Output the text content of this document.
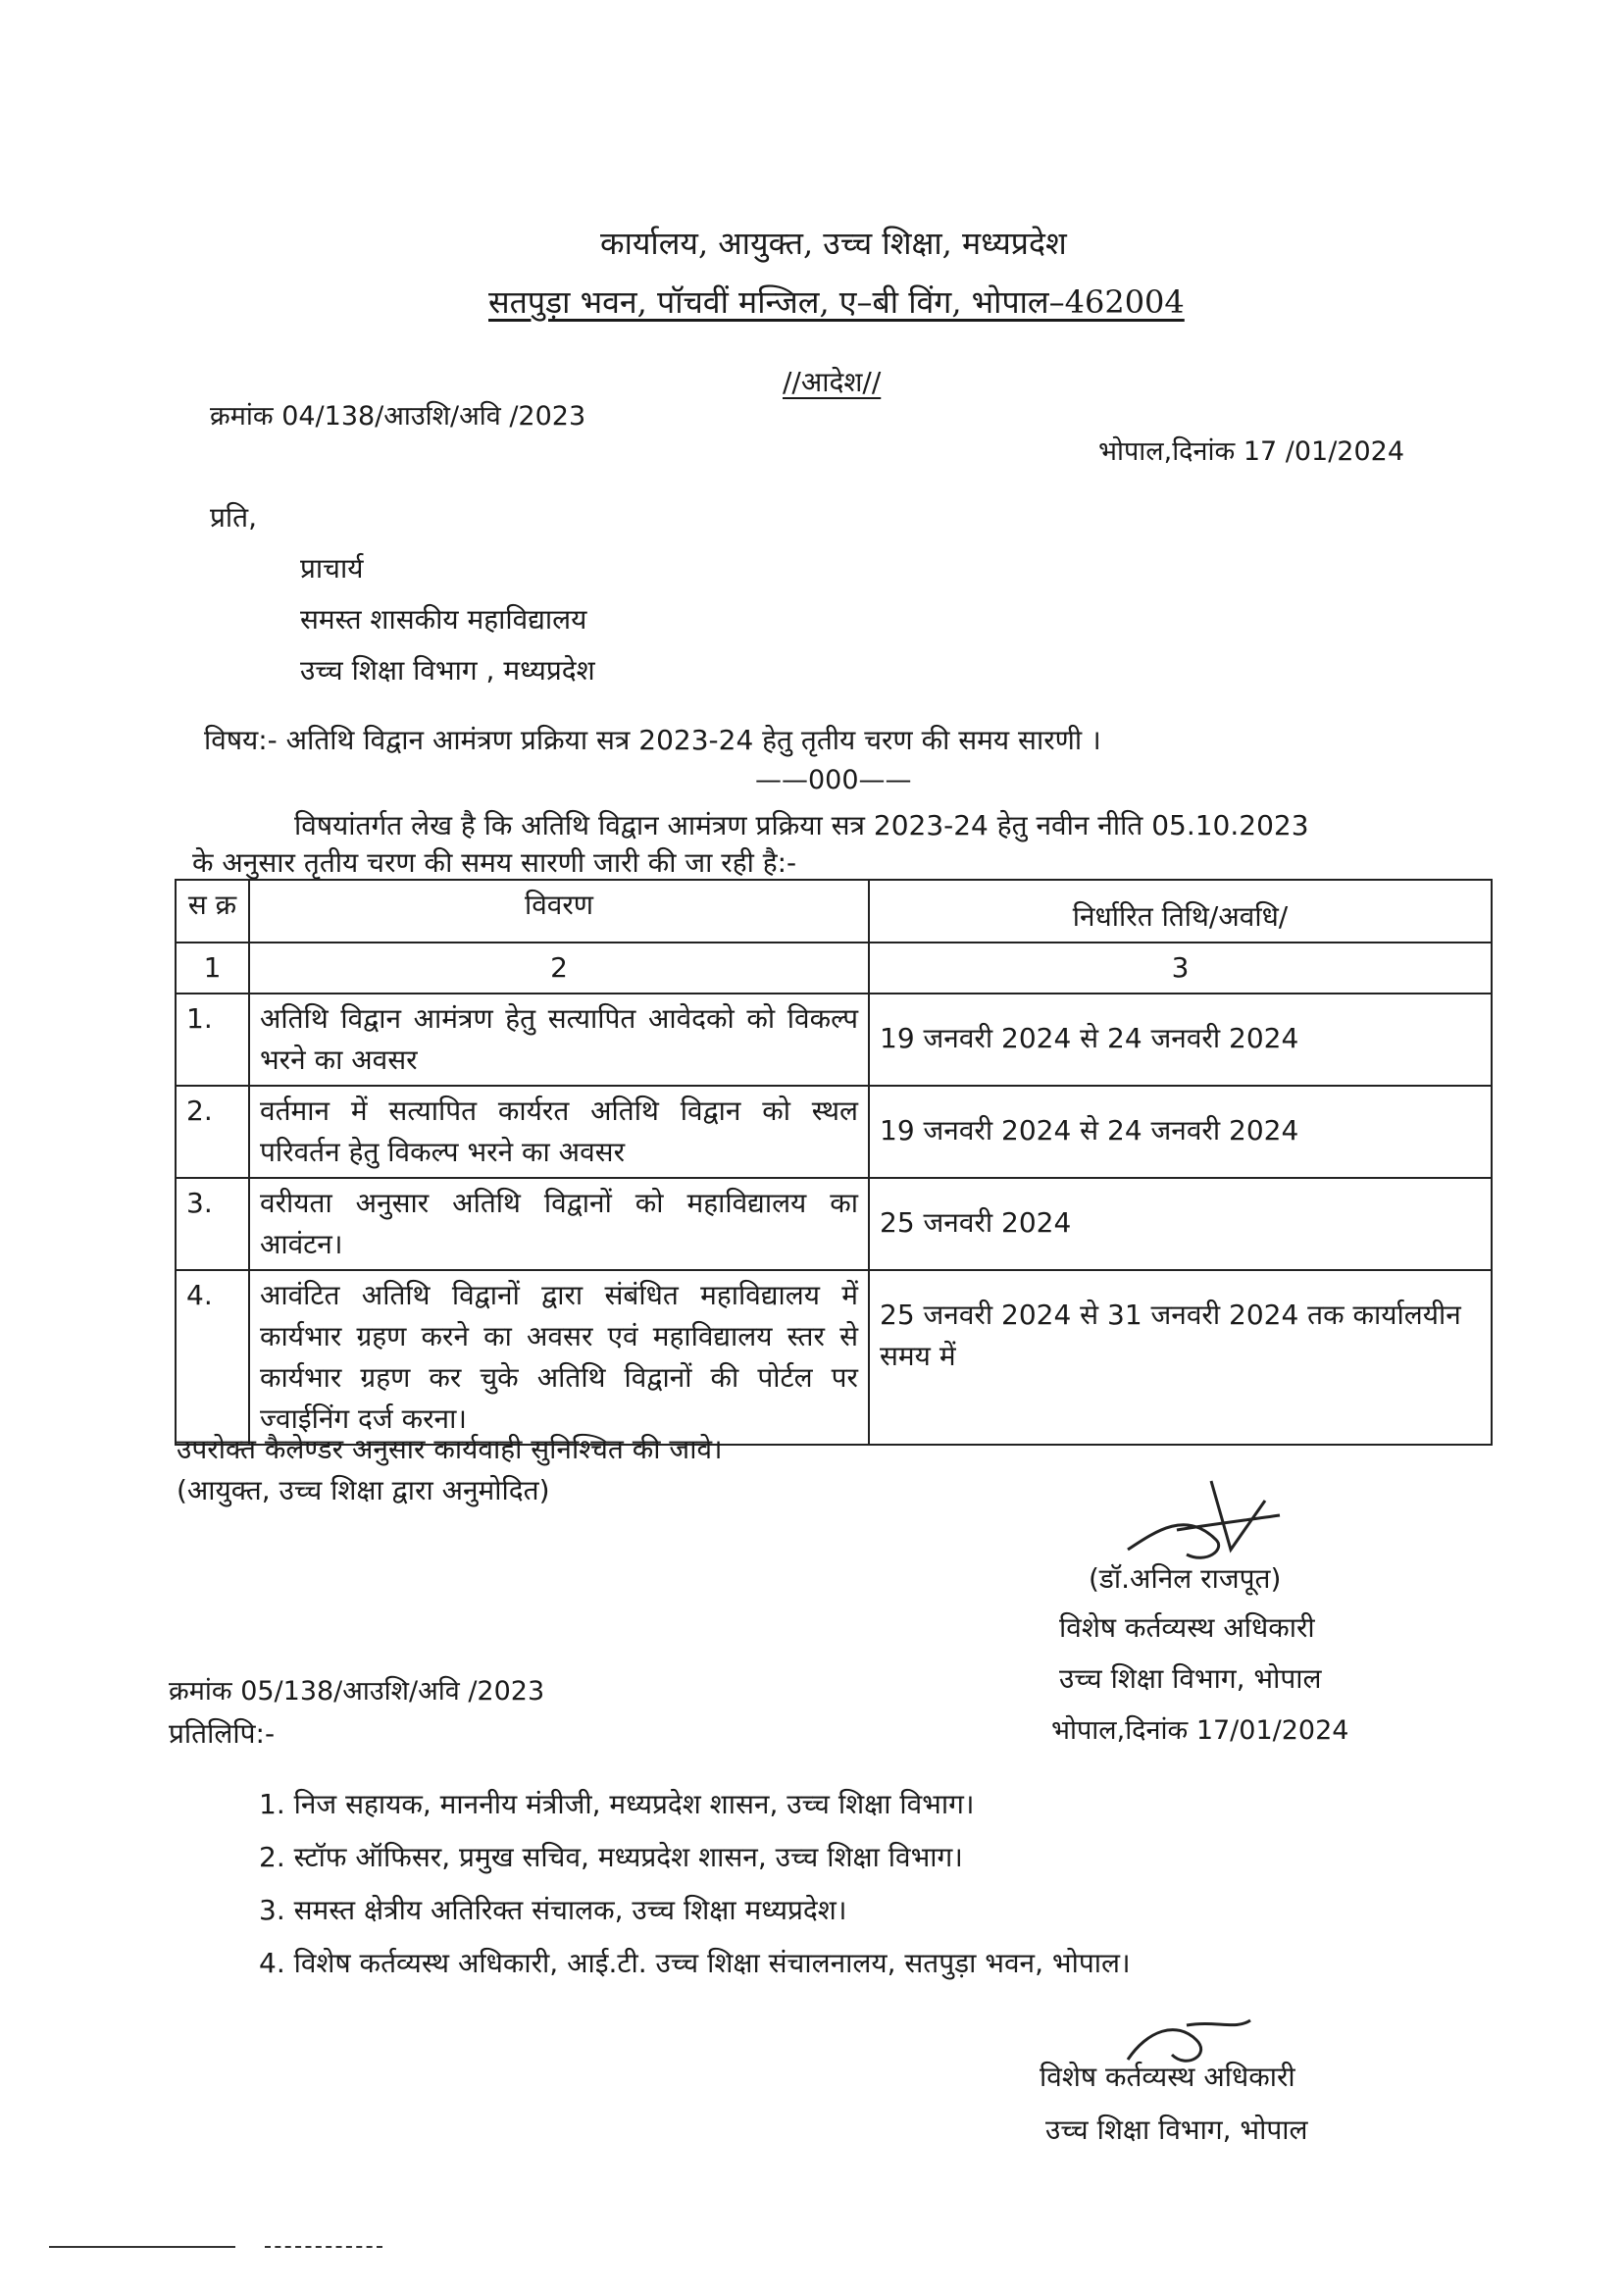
कार्यालय, आयुक्त, उच्च शिक्षा, मध्यप्रदेश
सतपुड़ा भवन, पॉचवीं मन्जिल, ए–बी विंग, भोपाल–462004
//आदेश//
क्रमांक 04/138/आउशि/अवि /2023
भोपाल,दिनांक 17 /01/2024
प्रति,
प्राचार्य
समस्त शासकीय महाविद्यालय
उच्च शिक्षा विभाग , मध्यप्रदेश
विषय:- अतिथि विद्वान आमंत्रण प्रक्रिया सत्र 2023-24 हेतु तृतीय चरण की समय सारणी ।
——000——
विषयांतर्गत लेख है कि अतिथि विद्वान आमंत्रण प्रक्रिया सत्र 2023-24 हेतु नवीन नीति 05.10.2023
के अनुसार तृतीय चरण की समय सारणी जारी की जा रही है:-
स क्र	विवरण	निर्धारित तिथि/अवधि/
1	2	3
1.	अतिथि विद्वान आमंत्रण हेतु सत्यापित आवेदको को विकल्प भरने का अवसर	19 जनवरी 2024 से 24 जनवरी 2024
2.	वर्तमान में सत्यापित कार्यरत अतिथि विद्वान को स्थल परिवर्तन हेतु विकल्प भरने का अवसर	19 जनवरी 2024 से 24 जनवरी 2024
3.	वरीयता अनुसार अतिथि विद्वानों को महाविद्यालय का आवंटन।	25 जनवरी 2024
4.	आवंटित अतिथि विद्वानों द्वारा संबंधित महाविद्यालय में कार्यभार ग्रहण करने का अवसर एवं महाविद्यालय स्तर से कार्यभार ग्रहण कर चुके अतिथि विद्वानों की पोर्टल पर ज्वाईनिंग दर्ज करना।	25 जनवरी 2024 से 31 जनवरी 2024 तक कार्यालयीन समय में
उपरोक्त कैलेण्डर अनुसार कार्यवाही सुनिश्चित की जावे।
(आयुक्त, उच्च शिक्षा द्वारा अनुमोदित)
(डॉ.अनिल राजपूत)
विशेष कर्तव्यस्थ अधिकारी
उच्च शिक्षा विभाग, भोपाल
क्रमांक 05/138/आउशि/अवि /2023
भोपाल,दिनांक 17/01/2024
प्रतिलिपि:-
1. निज सहायक, माननीय मंत्रीजी, मध्यप्रदेश शासन, उच्च शिक्षा विभाग।
2. स्टॉफ ऑफिसर, प्रमुख सचिव, मध्यप्रदेश शासन, उच्च शिक्षा विभाग।
3. समस्त क्षेत्रीय अतिरिक्त संचालक, उच्च शिक्षा मध्यप्रदेश।
4. विशेष कर्तव्यस्थ अधिकारी, आई.टी. उच्च शिक्षा संचालनालय, सतपुड़ा भवन, भोपाल।
विशेष कर्तव्यस्थ अधिकारी
उच्च शिक्षा विभाग, भोपाल
